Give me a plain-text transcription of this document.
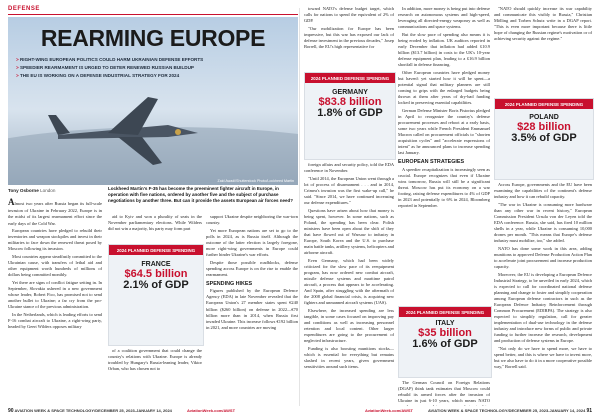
DEFENSE
REARMING EUROPE
> RIGHT-WING EUROPEAN POLITICS COULD HARM UKRAINIAN DEFENSE EFFORTS
> SPEEDIER REARMAMENT IS URGED TO DETER RENEWED RUSSIAN BUILDUP
> THE EU IS WORKING ON A DEFENSE INDUSTRIAL STRATEGY FOR 2024
Zaid Awadi/Shutterstock Photo/Lockheed Martin
Tony Osborne London	Lockheed Martin's F-35 has become the preeminent fighter aircraft in Europe, in operation with five nations, ordered by another five and the subject of purchase negotiations by another three. But can it provide the assets European air forces need?

Almost two years after Russia began its full-scale invasion of Ukraine in February 2022, Europe is in the midst of its largest rearmament effort since the early days of the Cold War.

European countries have pledged to rebuild their inventories and weapon stockpiles and invest in their militaries to face down the renewed threat posed by Moscow following its invasion.

Most countries appear steadfastly committed to the Ukrainian cause, with transfers of lethal aid and other equipment worth hundreds of millions of dollars being committed monthly.

Yet there are signs of conflict fatigue setting in. In September, Slovakia ushered in a new government whose leader, Robert Fico, has promised not to send another bullet to Ukraine; a far cry from the pro-Ukraine stance of the previous administration.

In the Netherlands, which is leading efforts to send F-16 combat aircraft to Ukraine, a right-wing party, headed by Geert Wilders opposes military

aid to Kyiv and won a plurality of seats in the November parliamentary elections. While Wilders did not win a majority, his party may form part

2024 PLANNED DEFENSE SPENDING
FRANCE
$64.5 billion
2.1% of GDP

of a coalition government that could change the country's relations with Ukraine. Europe is already troubled by Hungary's Russia-leaning leader, Viktor Orban, who has chosen not to

support Ukraine despite neighboring the war-torn country.

Yet more European nations are set to go to the polls in 2024, as is Russia itself. Although the outcome of the latter election is largely foregone, more right-wing governments in Europe could further hinder Ukraine's war efforts.

Despite those possible roadblocks, defense spending across Europe is on the rise to enable the rearmament.

SPENDING HIKES

Figures published by the European Defence Agency (EDA) in late November revealed that the European Union's 27 member states spent €240 billion ($260 billion) on defense in 2022—€70 billion more than in 2014, when Russia first invaded Ukraine. This increase follows €192 billion in 2021, and more countries are moving

90 AVIATION WEEK & SPACE TECHNOLOGY/DECEMBER 25, 2023-JANUARY 14, 2024	AviationWeek.com/AWST

toward NATO's defense budget target, which calls for nations to spend the equivalent of 2% of GDP.

"Our mobilization for Europe has been impressive, but this war has exposed our lack of defense investment in the previous decades," Josep Borrell, the EU's high representative for

2024 PLANNED DEFENSE SPENDING
GERMANY
$83.8 billion
1.8% of GDP

foreign affairs and security policy, told the EDA conference in November.

"Until 2014, the European Union went through a lot of process of disarmament . . . and in 2014, Crimea's invasion was the first wake-up call," he said. "Since 2014, we have continued increasing our defense expenditures."

Questions have arisen about how that money is being spent, however. In some nations, such as Poland, the spending has been clear. Polish ministers have been open about the shift of they that have flowed out of Warsaw to industry in Europe, South Korea and the U.S. to purchase main battle tanks, artillery systems, helicopters and airborne aircraft.

Even Germany, which had been widely criticized for the slow pace of its reequipment program, has now ordered new combat aircraft, missile defense systems and maritime patrol aircraft, a process that appears to be accelerating. And Spain, after struggling with the aftermath of the 2008 global financial crisis, is acquiring new fighters and unmanned aircraft systems (UAS).

Elsewhere, the increased spending are less tangible, in some cases focused on improving pay and conditions as well as increasing personnel retention and local content. Other larger expenditures are going to the procurement of neglected infrastructure.

Funding is also boosting munitions stocks—which is essential for everything but remains slashed in recent years, given government sensitivities around such items.

In addition, more money is being put into defense research on autonomous systems and high-speed, leveraging all directed-energy weaponry as well as communications and space systems.

But the slow pace of spending also means it is being eroded by inflation. UK auditors reported in early December that inflation had added £10.9 billion ($13.7 billion) in costs to the UK's 10-year defense equipment plan, leading to a £16.9 billion shortfall in defense financing.

Other European countries have pledged money but haven't yet started how it will be spent—a potential signal that military planners are still coming to grips with the enlarged budgets being thrown at them after years of dry-bad funding locked in preserving essential capabilities.

German Defense Minister Boris Pistorius pledged in April to reorganize the country's defense procurement processes and reboot at a early basis, some two years while French President Emmanuel Macron called on procurement officials to "shorten acquisition cycles" and "accelerate expressions of intent" as he announced plans to increase spending last January.

EUROPEAN STRATEGIES

A speedier recapitalization is increasingly seen as crucial. Europe recognizes that even if Ukraine wins tomorrow, Russia will still be a significant threat. Moscow has put its economy on a war footing, raising defense expenditures to 4% of GDP in 2023 and potentially to 6% in 2024, Bloomberg reported in September.

2024 PLANNED DEFENSE SPENDING
ITALY
$35 billion
1.6% of GDP

The German Council on Foreign Relations (DGAP) think tank estimates that Moscow could rebuild its armed forces after the invasion of Ukraine in just 6-10 years, which means NATO

"NATO should quickly increase its war capability and communicate this visibly to Russia," Christian Mölling and Torben Schutz write in a DGAP report. "This is even more important because there is little hope of changing the Russian regime's motivation or of achieving security against the regime."

2024 PLANNED DEFENSE SPENDING
POLAND
$28 billion
3.5% of GDP

Across Europe, governments and the EU have been examining the capabilities of the continent's defense industry and how it can rebuild capacity.

"The war in Ukraine is consuming more hardware than any other war in recent history," European Commission President Ursula von der Leyen told the EDA conference. Russia, she said, has fired 10 million shells in a year, while Ukraine is consuming 10,000 drones per month. "This means that Europe's defense industry must mobilize, too," she added.

NATO has done some work in this area, adding munitions to approved Defense Production Action Plan to accelerate joint procurement and increase production capacity.

Moreover, the EU is developing a European Defence Industrial Strategy, to be unveiled in early 2024, which is expected to call for coordinated national defense planning and change to foster and simplify cooperation among European defense contractors in such as the European Defence Industry Reinforcement through Common Procurement (EDIRPA). The strategy is also expected to simplify regulation, call for greater implementation of dual-use technology in the defense industry and introduce new forms of public and private funding to further increase the research, development and production of defense systems in Europe.

"Not only do we have to spend more, we have to spend better, and this is where we have to invest more, but we also have to do it in a more cooperative possible way," Borrell said.

AviationWeek.com/AWST	AVIATION WEEK & SPACE TECHNOLOGY/DECEMBER 25, 2023-JANUARY 14, 2024 91
